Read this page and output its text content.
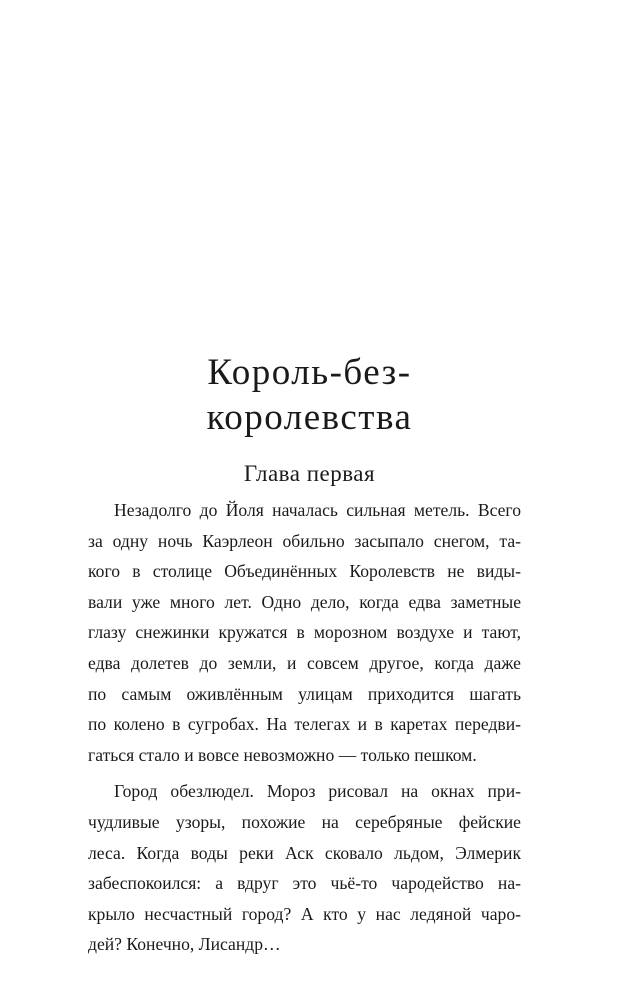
Король-без-
королевства
Глава первая
Незадолго до Йоля началась сильная метель. Всего
за одну ночь Каэрлеон обильно засыпало снегом, та-
кого в столице Объединённых Королевств не виды-
вали уже много лет. Одно дело, когда едва заметные
глазу снежинки кружатся в морозном воздухе и тают,
едва долетев до земли, и совсем другое, когда даже
по самым оживлённым улицам приходится шагать
по колено в сугробах. На телегах и в каретах передви-
гаться стало и вовсе невозможно — только пешком.
Город обезлюдел. Мороз рисовал на окнах при-
чудливые узоры, похожие на серебряные фейские
леса. Когда воды реки Аск сковало льдом, Элмерик
забеспокоился: а вдруг это чьё-то чародейство на-
крыло несчастный город? А кто у нас ледяной чаро-
дей? Конечно, Лисандр…
